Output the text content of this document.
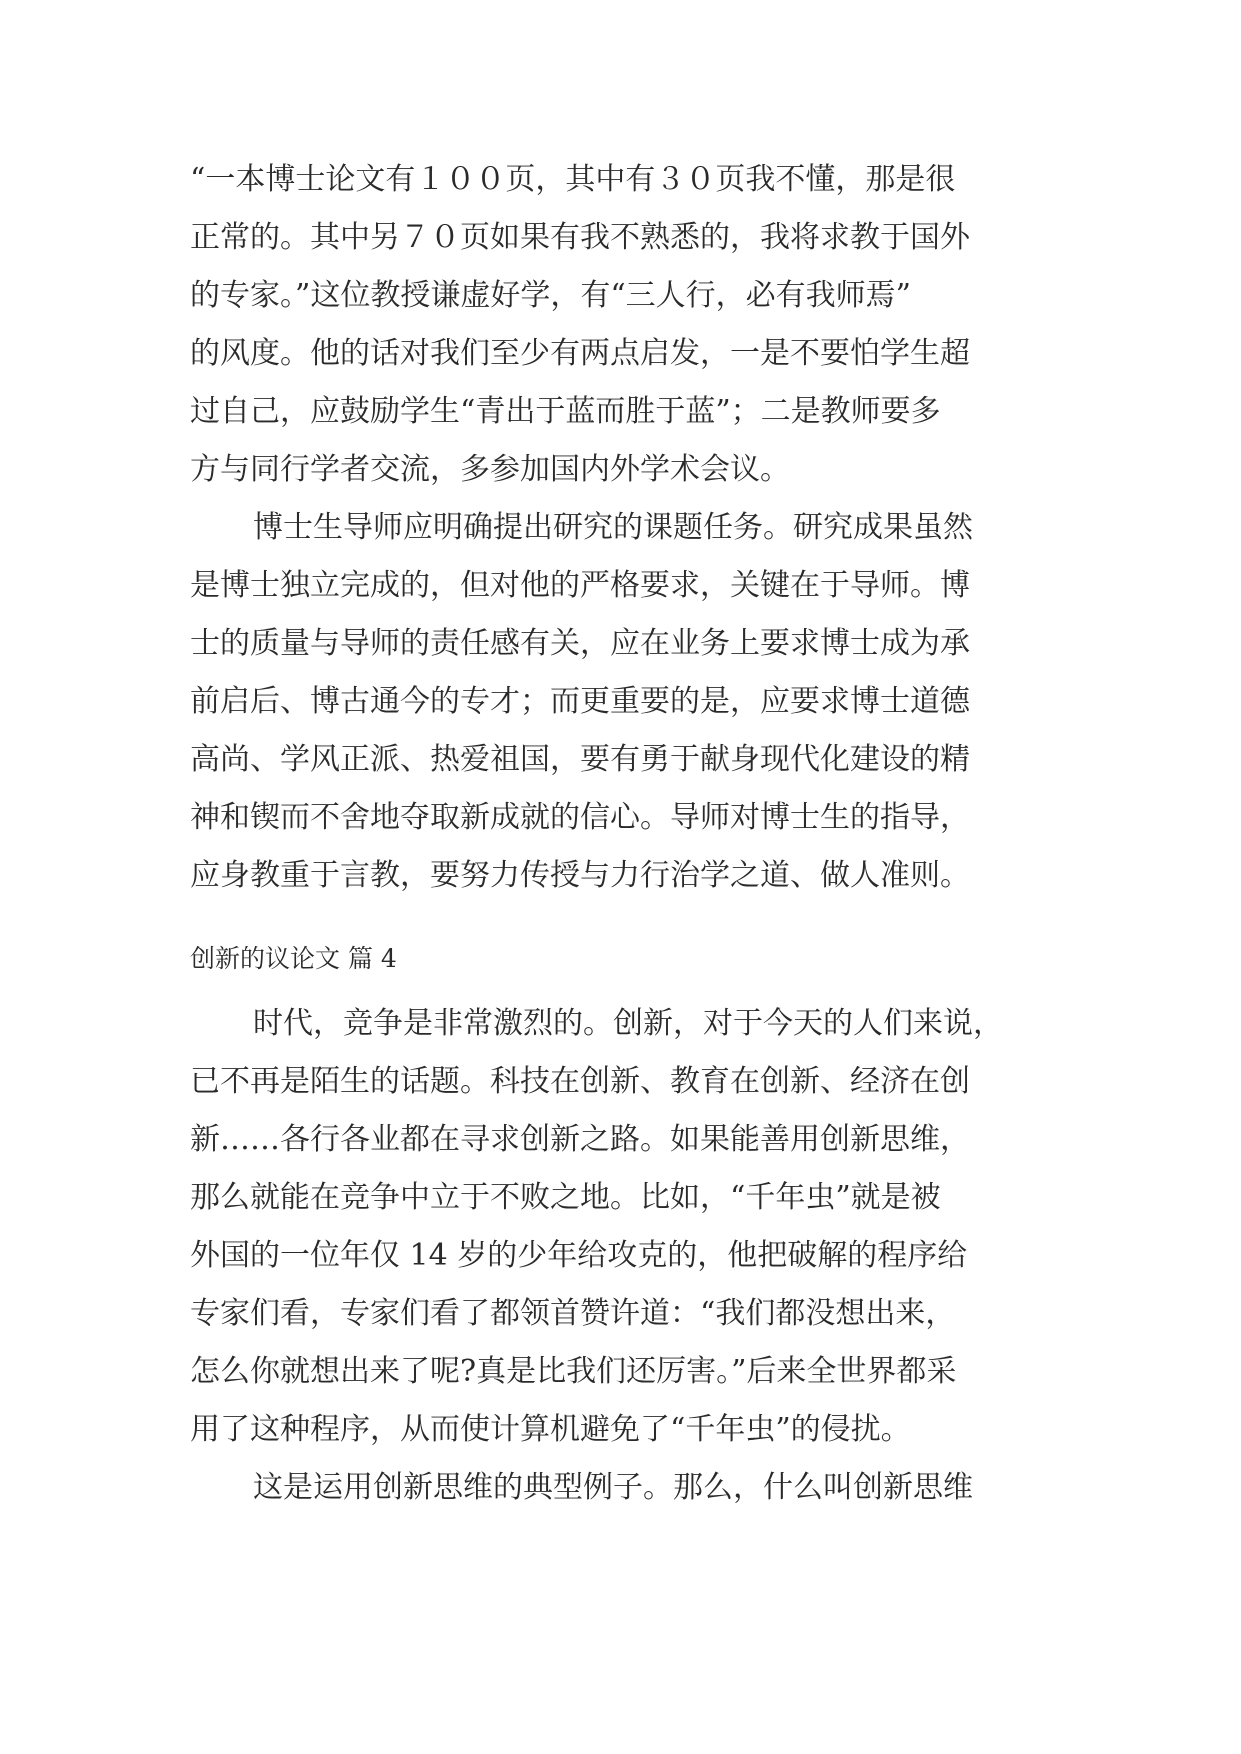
“一本博士论文有１００页，其中有３０页我不懂，那是很

正常的。其中另７０页如果有我不熟悉的，我将求教于国外

的专家。”这位教授谦虚好学，有“三人行，必有我师焉”

的风度。他的话对我们至少有两点启发，一是不要怕学生超

过自己，应鼓励学生“青出于蓝而胜于蓝”；二是教师要多

方与同行学者交流，多参加国内外学术会议。

博士生导师应明确提出研究的课题任务。研究成果虽然

是博士独立完成的，但对他的严格要求，关键在于导师。博

士的质量与导师的责任感有关，应在业务上要求博士成为承

前启后、博古通今的专才；而更重要的是，应要求博士道德

高尚、学风正派、热爱祖国，要有勇于献身现代化建设的精

神和锲而不舍地夺取新成就的信心。导师对博士生的指导，

应身教重于言教，要努力传授与力行治学之道、做人准则。

创新的议论文 篇 4

时代，竞争是非常激烈的。创新，对于今天的人们来说，

已不再是陌生的话题。科技在创新、教育在创新、经济在创

新……各行各业都在寻求创新之路。如果能善用创新思维，

那么就能在竞争中立于不败之地。比如，“千年虫”就是被

外国的一位年仅 14 岁的少年给攻克的，他把破解的程序给

专家们看，专家们看了都领首赞许道：“我们都没想出来，

怎么你就想出来了呢?真是比我们还厉害。”后来全世界都采

用了这种程序，从而使计算机避免了“千年虫”的侵扰。

这是运用创新思维的典型例子。那么，什么叫创新思维
